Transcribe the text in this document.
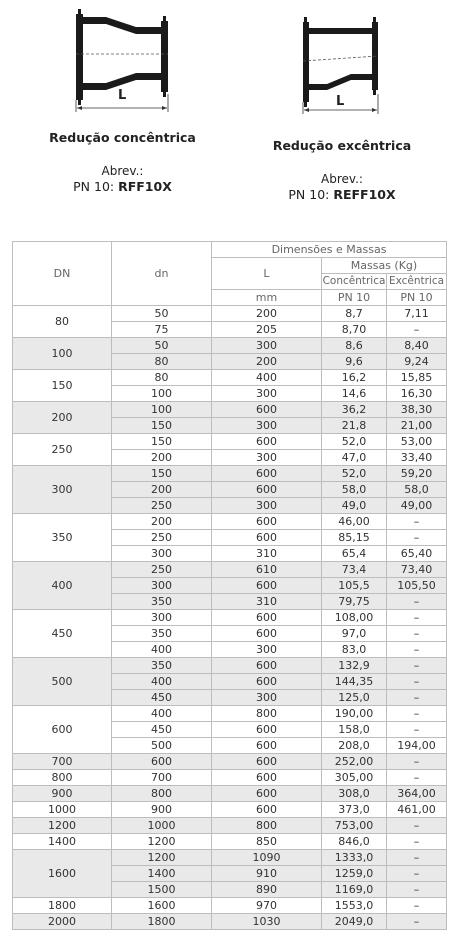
L	L
Redução concêntrica
Abrev.:
PN 10: RFF10X
Redução excêntrica
Abrev.:
PN 10: REFF10X
DN	dn	Dimensões e Massas		
		L	Massas (Kg)	
			Concêntrica	Excêntrica
		mm	PN 10	PN 10
80	50	200	8,7	7,11
	75	205	8,70	–
100	50	300	8,6	8,40
	80	200	9,6	9,24
150	80	400	16,2	15,85
	100	300	14,6	16,30
200	100	600	36,2	38,30
	150	300	21,8	21,00
250	150	600	52,0	53,00
	200	300	47,0	33,40
300	150	600	52,0	59,20
	200	600	58,0	58,0
	250	300	49,0	49,00
350	200	600	46,00	–
	250	600	85,15	–
	300	310	65,4	65,40
400	250	610	73,4	73,40
	300	600	105,5	105,50
	350	310	79,75	–
450	300	600	108,00	–
	350	600	97,0	–
	400	300	83,0	–
500	350	600	132,9	–
	400	600	144,35	–
	450	300	125,0	–
600	400	800	190,00	–
	450	600	158,0	–
	500	600	208,0	194,00
700	600	600	252,00	–
800	700	600	305,00	–
900	800	600	308,0	364,00
1000	900	600	373,0	461,00
1200	1000	800	753,00	–
1400	1200	850	846,0	–
1600	1200	1090	1333,0	–
	1400	910	1259,0	–
	1500	890	1169,0	–
1800	1600	970	1553,0	–
2000	1800	1030	2049,0	–
